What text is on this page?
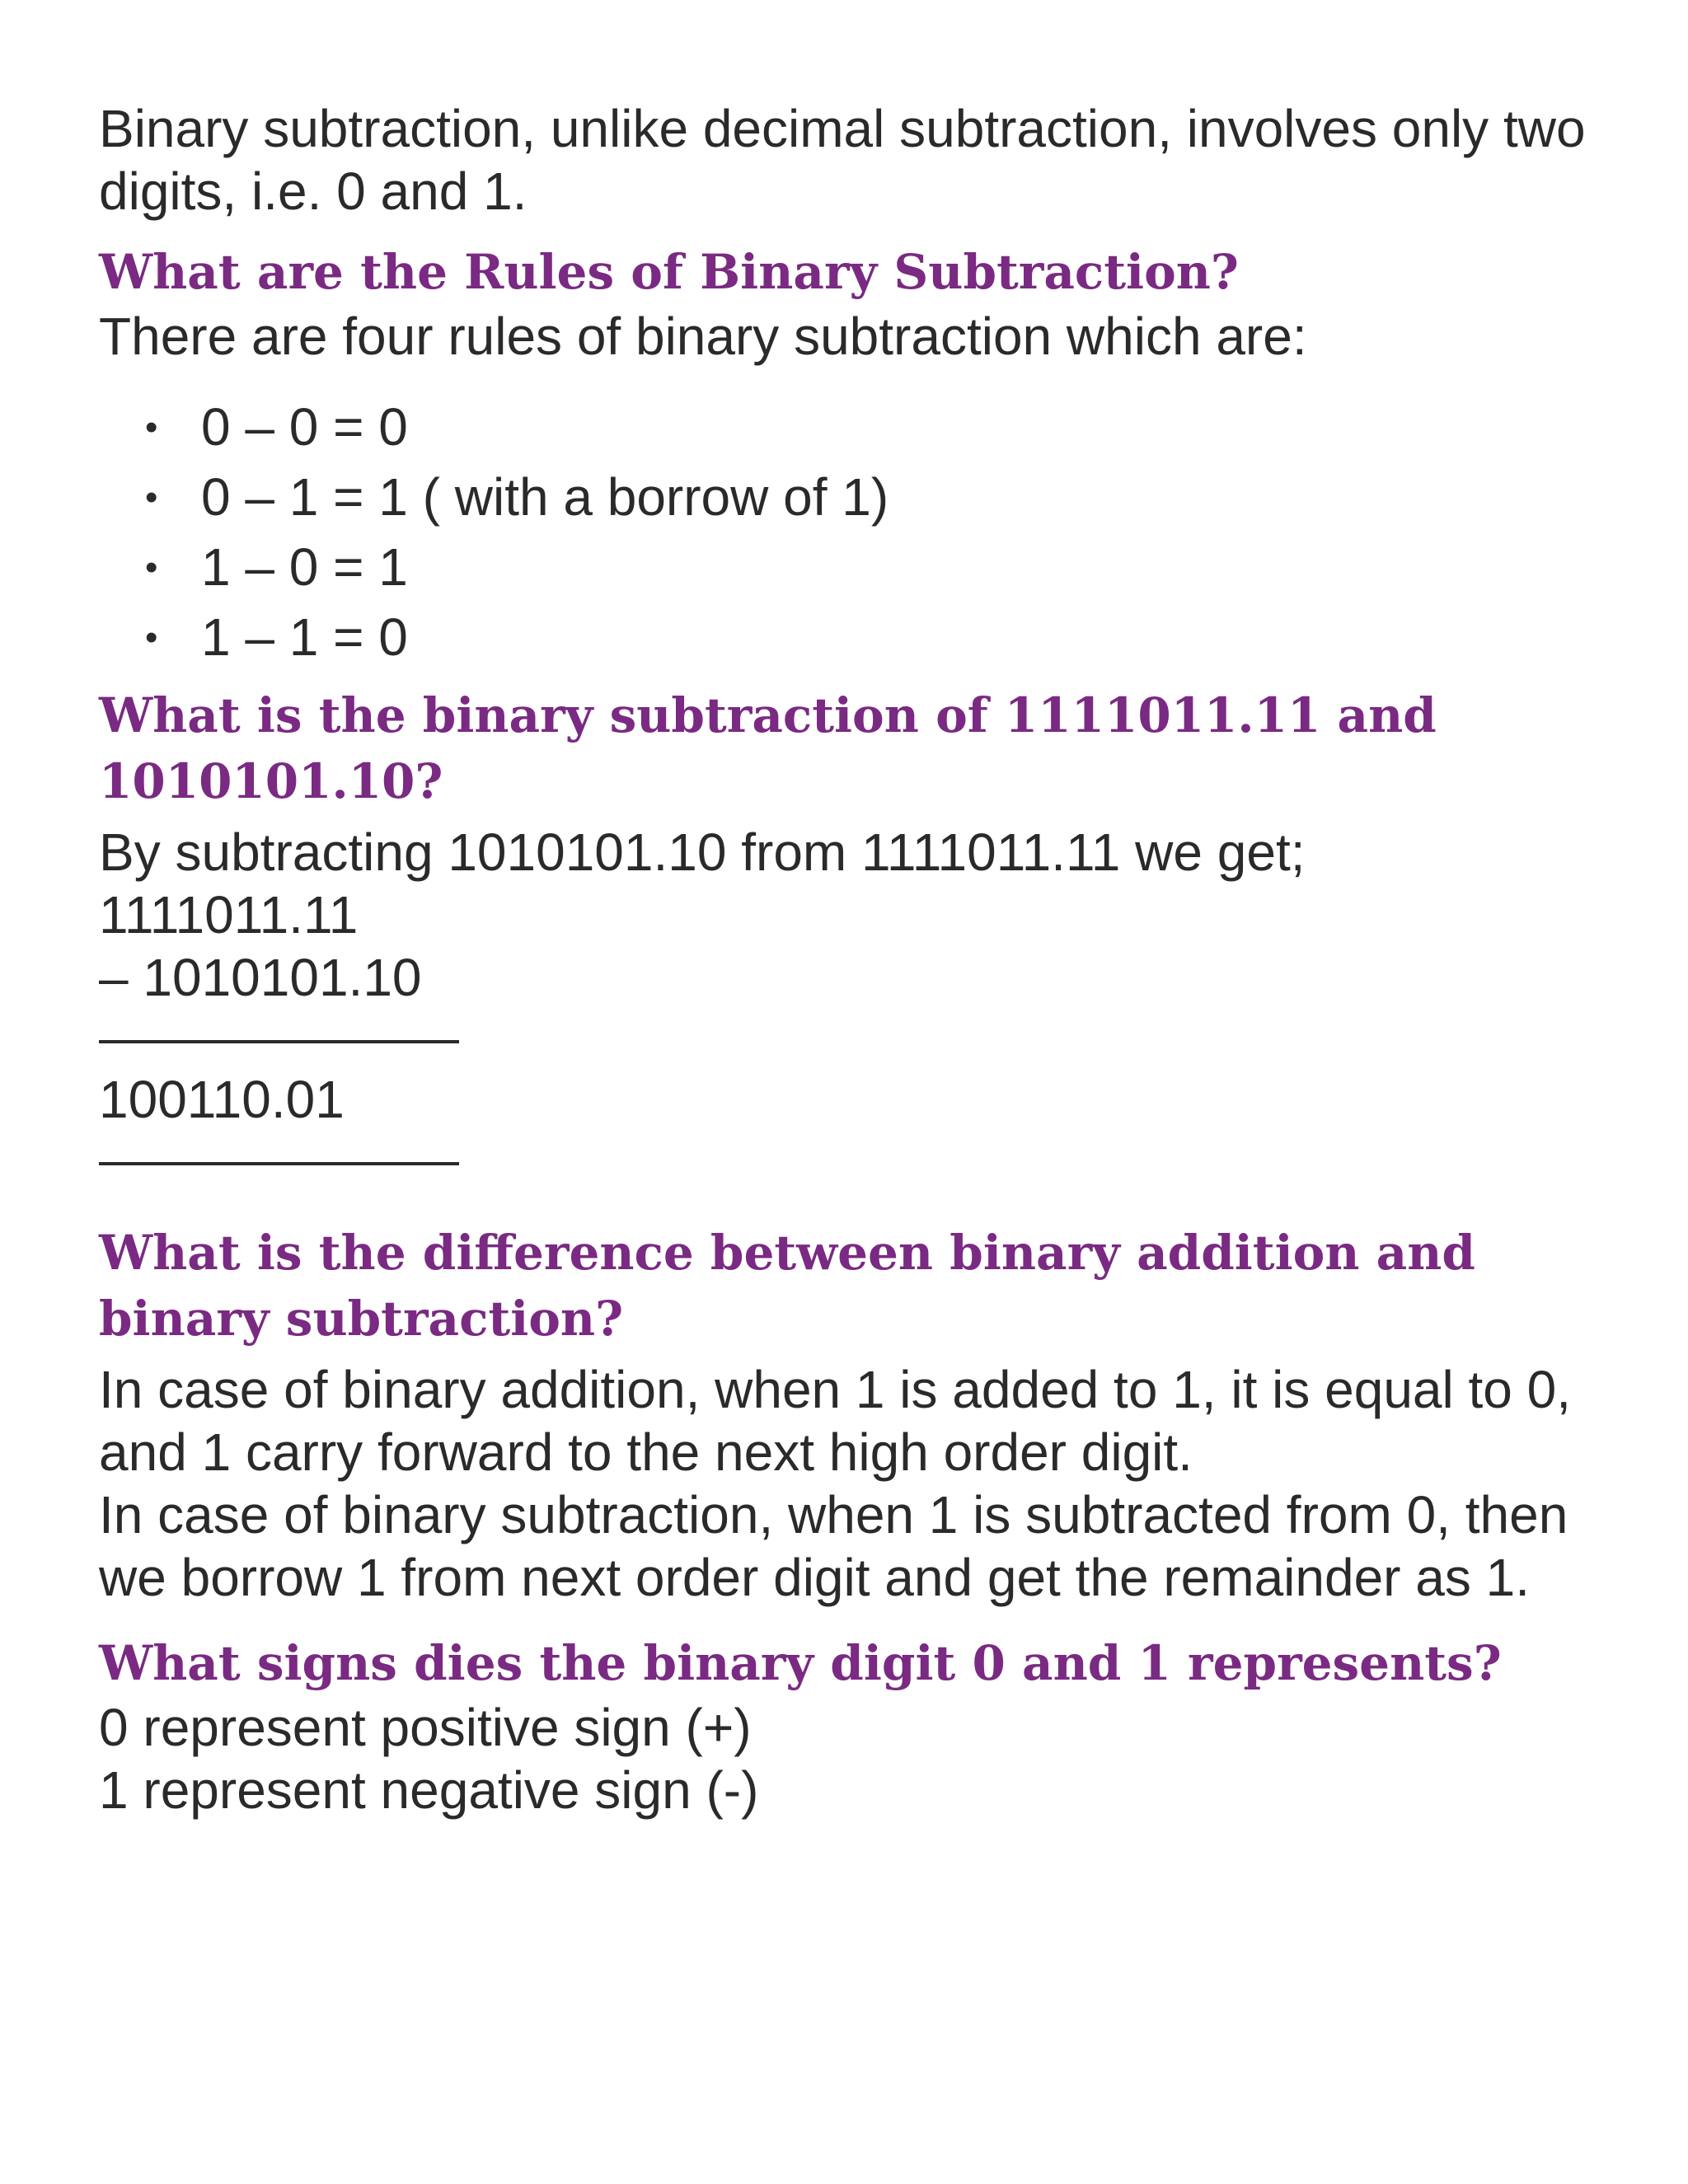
Binary subtraction, unlike decimal subtraction, involves only two digits, i.e. 0 and 1.

What are the Rules of Binary Subtraction?

There are four rules of binary subtraction which are:

• 0 – 0 = 0
• 0 – 1 = 1 ( with a borrow of 1)
• 1 – 0 = 1
• 1 – 1 = 0
What is the binary subtraction of 1111011.11 and 1010101.10?

By subtracting 1010101.10 from 1111011.11 we get;

1111011.11

– 1010101.10

100110.01

What is the difference between binary addition and binary subtraction?

In case of binary addition, when 1 is added to 1, it is equal to 0, and 1 carry forward to the next high order digit.

In case of binary subtraction, when 1 is subtracted from 0, then we borrow 1 from next order digit and get the remainder as 1.

What signs dies the binary digit 0 and 1 represents?

0 represent positive sign (+)

1 represent negative sign (-)
